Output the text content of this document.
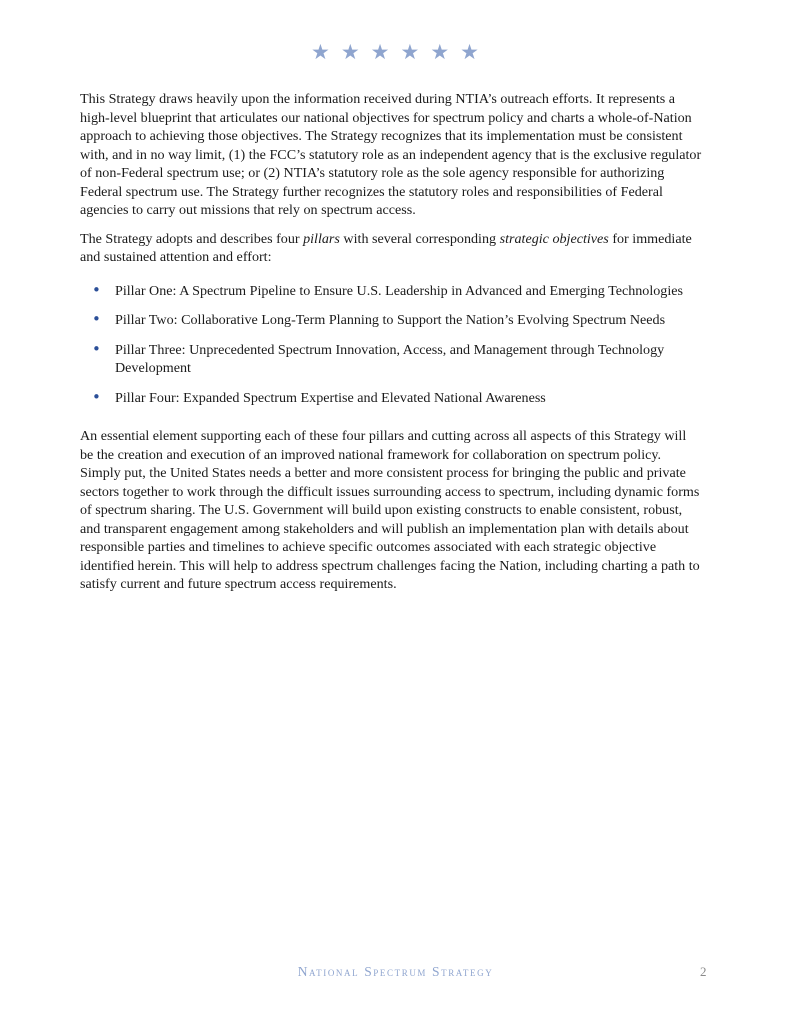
★★★★★★

This Strategy draws heavily upon the information received during NTIA’s outreach efforts. It represents a high-level blueprint that articulates our national objectives for spectrum policy and charts a whole-of-Nation approach to achieving those objectives. The Strategy recognizes that its implementation must be consistent with, and in no way limit, (1) the FCC’s statutory role as an independent agency that is the exclusive regulator of non-Federal spectrum use; or (2) NTIA’s statutory role as the sole agency responsible for authorizing Federal spectrum use. The Strategy further recognizes the statutory roles and responsibilities of Federal agencies to carry out missions that rely on spectrum access.

The Strategy adopts and describes four pillars with several corresponding strategic objectives for immediate and sustained attention and effort:

• Pillar One: A Spectrum Pipeline to Ensure U.S. Leadership in Advanced and Emerging Technologies
• Pillar Two: Collaborative Long-Term Planning to Support the Nation’s Evolving Spectrum Needs
• Pillar Three: Unprecedented Spectrum Innovation, Access, and Management through Technology Development
• Pillar Four: Expanded Spectrum Expertise and Elevated National Awareness

An essential element supporting each of these four pillars and cutting across all aspects of this Strategy will be the creation and execution of an improved national framework for collaboration on spectrum policy. Simply put, the United States needs a better and more consistent process for bringing the public and private sectors together to work through the difficult issues surrounding access to spectrum, including dynamic forms of spectrum sharing. The U.S. Government will build upon existing constructs to enable consistent, robust, and transparent engagement among stakeholders and will publish an implementation plan with details about responsible parties and timelines to achieve specific outcomes associated with each strategic objective identified herein. This will help to address spectrum challenges facing the Nation, including charting a path to satisfy current and future spectrum access requirements.

National Spectrum Strategy	2
